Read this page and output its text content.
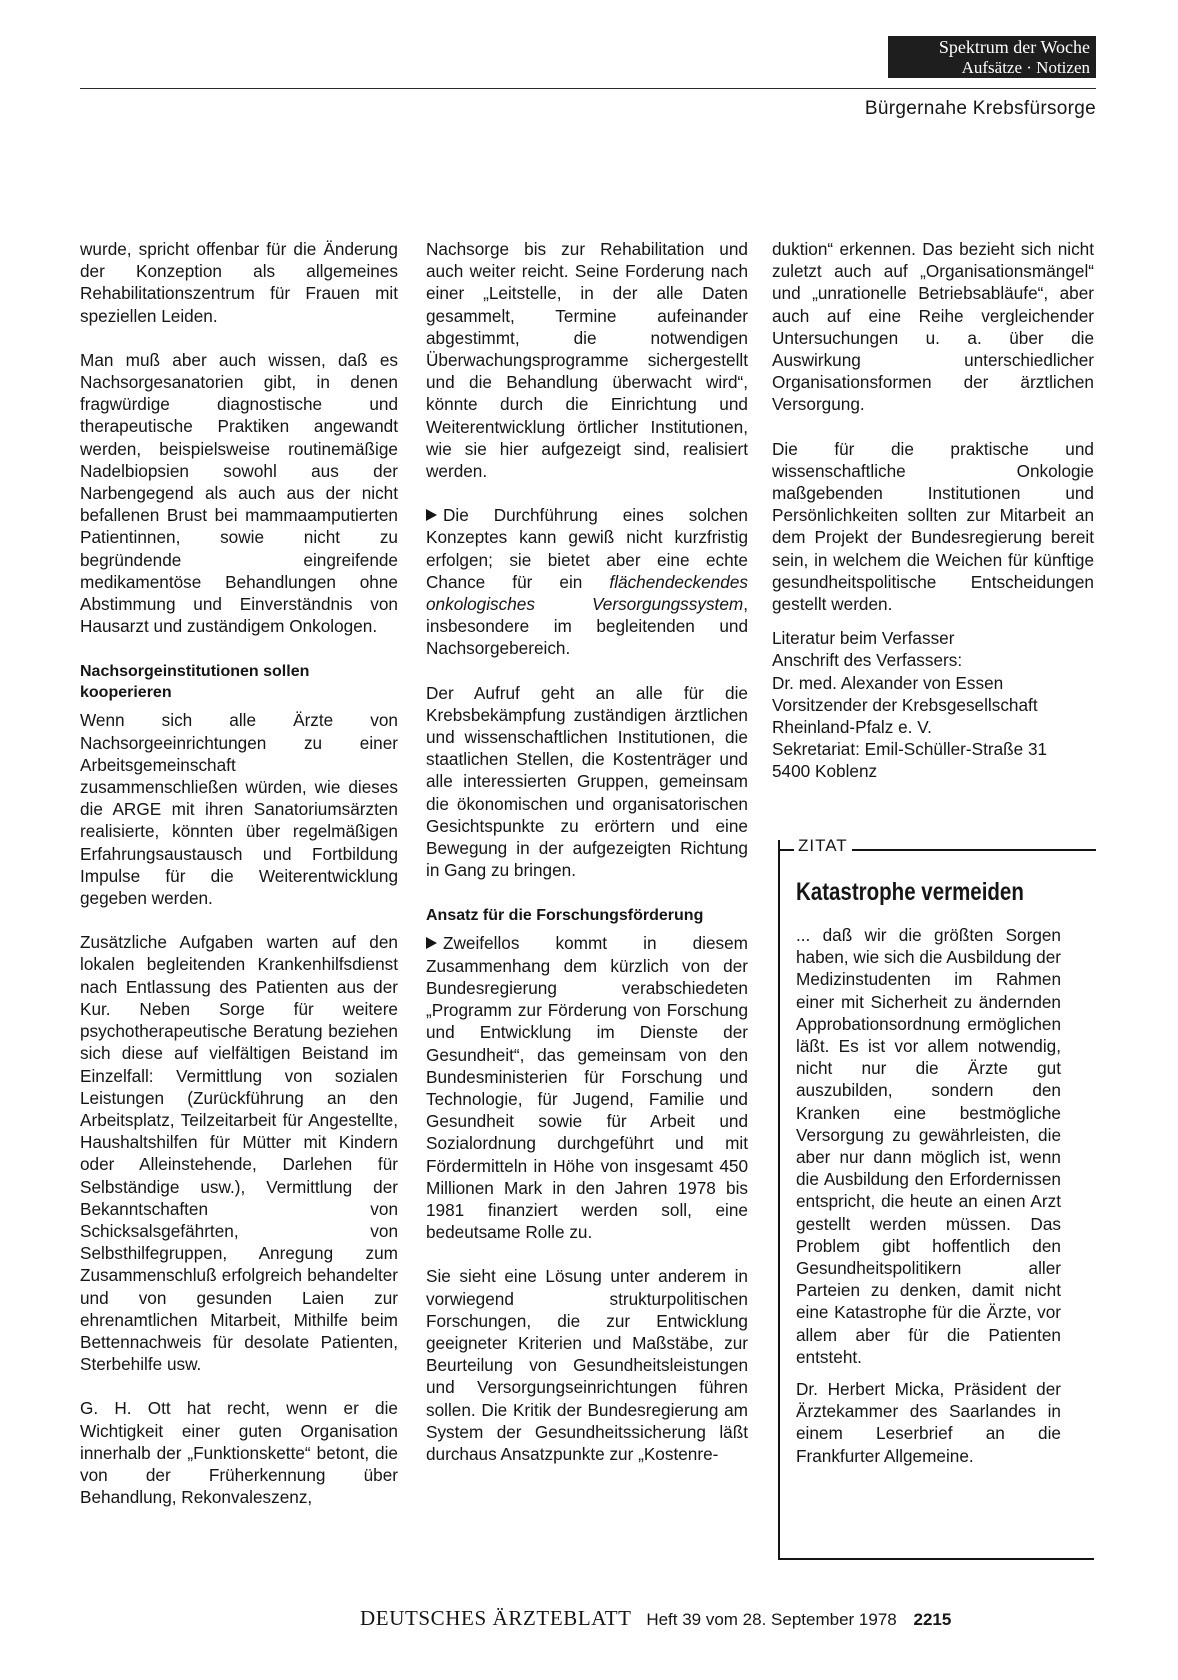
Spektrum der Woche
Aufsätze · Notizen
Bürgernahe Krebsfürsorge

wurde, spricht offenbar für die Änderung der Konzeption als allgemeines Rehabilitationszentrum für Frauen mit speziellen Leiden.

Man muß aber auch wissen, daß es Nachsorgesanatorien gibt, in denen fragwürdige diagnostische und therapeutische Praktiken angewandt werden, beispielsweise routinemäßige Nadelbiopsien sowohl aus der Narbengegend als auch aus der nicht befallenen Brust bei mammaamputierten Patientinnen, sowie nicht zu begründende eingreifende medikamentöse Behandlungen ohne Abstimmung und Einverständnis von Hausarzt und zuständigem Onkologen.

Nachsorgeinstitutionen sollen kooperieren

Wenn sich alle Ärzte von Nachsorgeeinrichtungen zu einer Arbeitsgemeinschaft zusammenschließen würden, wie dieses die ARGE mit ihren Sanatoriumsärzten realisierte, könnten über regelmäßigen Erfahrungsaustausch und Fortbildung Impulse für die Weiterentwicklung gegeben werden.

Zusätzliche Aufgaben warten auf den lokalen begleitenden Krankenhilfsdienst nach Entlassung des Patienten aus der Kur. Neben Sorge für weitere psychotherapeutische Beratung beziehen sich diese auf vielfältigen Beistand im Einzelfall: Vermittlung von sozialen Leistungen (Zurückführung an den Arbeitsplatz, Teilzeitarbeit für Angestellte, Haushaltshilfen für Mütter mit Kindern oder Alleinstehende, Darlehen für Selbständige usw.), Vermittlung der Bekanntschaften von Schicksalsgefährten, von Selbsthilfegruppen, Anregung zum Zusammenschluß erfolgreich behandelter und von gesunden Laien zur ehrenamtlichen Mitarbeit, Mithilfe beim Bettennachweis für desolate Patienten, Sterbehilfe usw.

G. H. Ott hat recht, wenn er die Wichtigkeit einer guten Organisation innerhalb der „Funktionskette“ betont, die von der Früherkennung über Behandlung, Rekonvaleszenz,

Nachsorge bis zur Rehabilitation und auch weiter reicht. Seine Forderung nach einer „Leitstelle, in der alle Daten gesammelt, Termine aufeinander abgestimmt, die notwendigen Überwachungsprogramme sichergestellt und die Behandlung überwacht wird“, könnte durch die Einrichtung und Weiterentwicklung örtlicher Institutionen, wie sie hier aufgezeigt sind, realisiert werden.

Die Durchführung eines solchen Konzeptes kann gewiß nicht kurzfristig erfolgen; sie bietet aber eine echte Chance für ein flächendeckendes onkologisches Versorgungssystem, insbesondere im begleitenden und Nachsorgebereich.

Der Aufruf geht an alle für die Krebsbekämpfung zuständigen ärztlichen und wissenschaftlichen Institutionen, die staatlichen Stellen, die Kostenträger und alle interessierten Gruppen, gemeinsam die ökonomischen und organisatorischen Gesichtspunkte zu erörtern und eine Bewegung in der aufgezeigten Richtung in Gang zu bringen.

Ansatz für die Forschungsförderung

Zweifellos kommt in diesem Zusammenhang dem kürzlich von der Bundesregierung verabschiedeten „Programm zur Förderung von Forschung und Entwicklung im Dienste der Gesundheit“, das gemeinsam von den Bundesministerien für Forschung und Technologie, für Jugend, Familie und Gesundheit sowie für Arbeit und Sozialordnung durchgeführt und mit Fördermitteln in Höhe von insgesamt 450 Millionen Mark in den Jahren 1978 bis 1981 finanziert werden soll, eine bedeutsame Rolle zu.

Sie sieht eine Lösung unter anderem in vorwiegend strukturpolitischen Forschungen, die zur Entwicklung geeigneter Kriterien und Maßstäbe, zur Beurteilung von Gesundheitsleistungen und Versorgungseinrichtungen führen sollen. Die Kritik der Bundesregierung am System der Gesundheitssicherung läßt durchaus Ansatzpunkte zur „Kostenre-

duktion“ erkennen. Das bezieht sich nicht zuletzt auch auf „Organisationsmängel“ und „unrationelle Betriebsabläufe“, aber auch auf eine Reihe vergleichender Untersuchungen u. a. über die Auswirkung unterschiedlicher Organisationsformen der ärztlichen Versorgung.

Die für die praktische und wissenschaftliche Onkologie maßgebenden Institutionen und Persönlichkeiten sollten zur Mitarbeit an dem Projekt der Bundesregierung bereit sein, in welchem die Weichen für künftige gesundheitspolitische Entscheidungen gestellt werden.

Literatur beim Verfasser

Anschrift des Verfassers:

Dr. med. Alexander von Essen

Vorsitzender der Krebsgesellschaft Rheinland-Pfalz e. V.

Sekretariat: Emil-Schüller-Straße 31

5400 Koblenz

ZITAT
Katastrophe vermeiden

... daß wir die größten Sorgen haben, wie sich die Ausbildung der Medizinstudenten im Rahmen einer mit Sicherheit zu ändernden Approbationsordnung ermöglichen läßt. Es ist vor allem notwendig, nicht nur die Ärzte gut auszubilden, sondern den Kranken eine bestmögliche Versorgung zu gewährleisten, die aber nur dann möglich ist, wenn die Ausbildung den Erfordernissen entspricht, die heute an einen Arzt gestellt werden müssen. Das Problem gibt hoffentlich den Gesundheitspolitikern aller Parteien zu denken, damit nicht eine Katastrophe für die Ärzte, vor allem aber für die Patienten entsteht.

Dr. Herbert Micka, Präsident der Ärztekammer des Saarlandes in einem Leserbrief an die Frankfurter Allgemeine.

DEUTSCHES ÄRZTEBLATT Heft 39 vom 28. September 1978 2215
